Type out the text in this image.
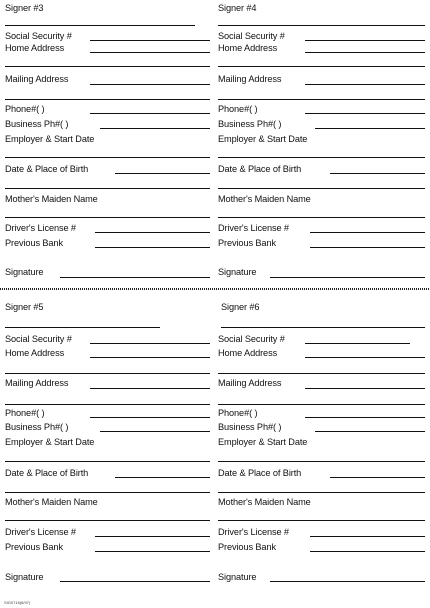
Signer #3
Social Security #
Home Address
Mailing Address
Phone#( )
Business Ph#( )
Employer & Start Date
Date & Place of Birth
Mother's Maiden Name
Driver's License #
Previous Bank
Signature
Signer #4
Social Security #
Home Address
Mailing Address
Phone#( )
Business Ph#( )
Employer & Start Date
Date & Place of Birth
Mother's Maiden Name
Driver's License #
Previous Bank
Signature
Signer #5
Social Security #
Home Address
Mailing Address
Phone#( )
Business Ph#( )
Employer & Start Date
Date & Place of Birth
Mother's Maiden Name
Driver's License #
Previous Bank
Signature
SIG0716(8/97)
Signer #6
Social Security #
Home Address
Mailing Address
Phone#( )
Business Ph#( )
Employer & Start Date
Date & Place of Birth
Mother's Maiden Name
Driver's License #
Previous Bank
Signature
